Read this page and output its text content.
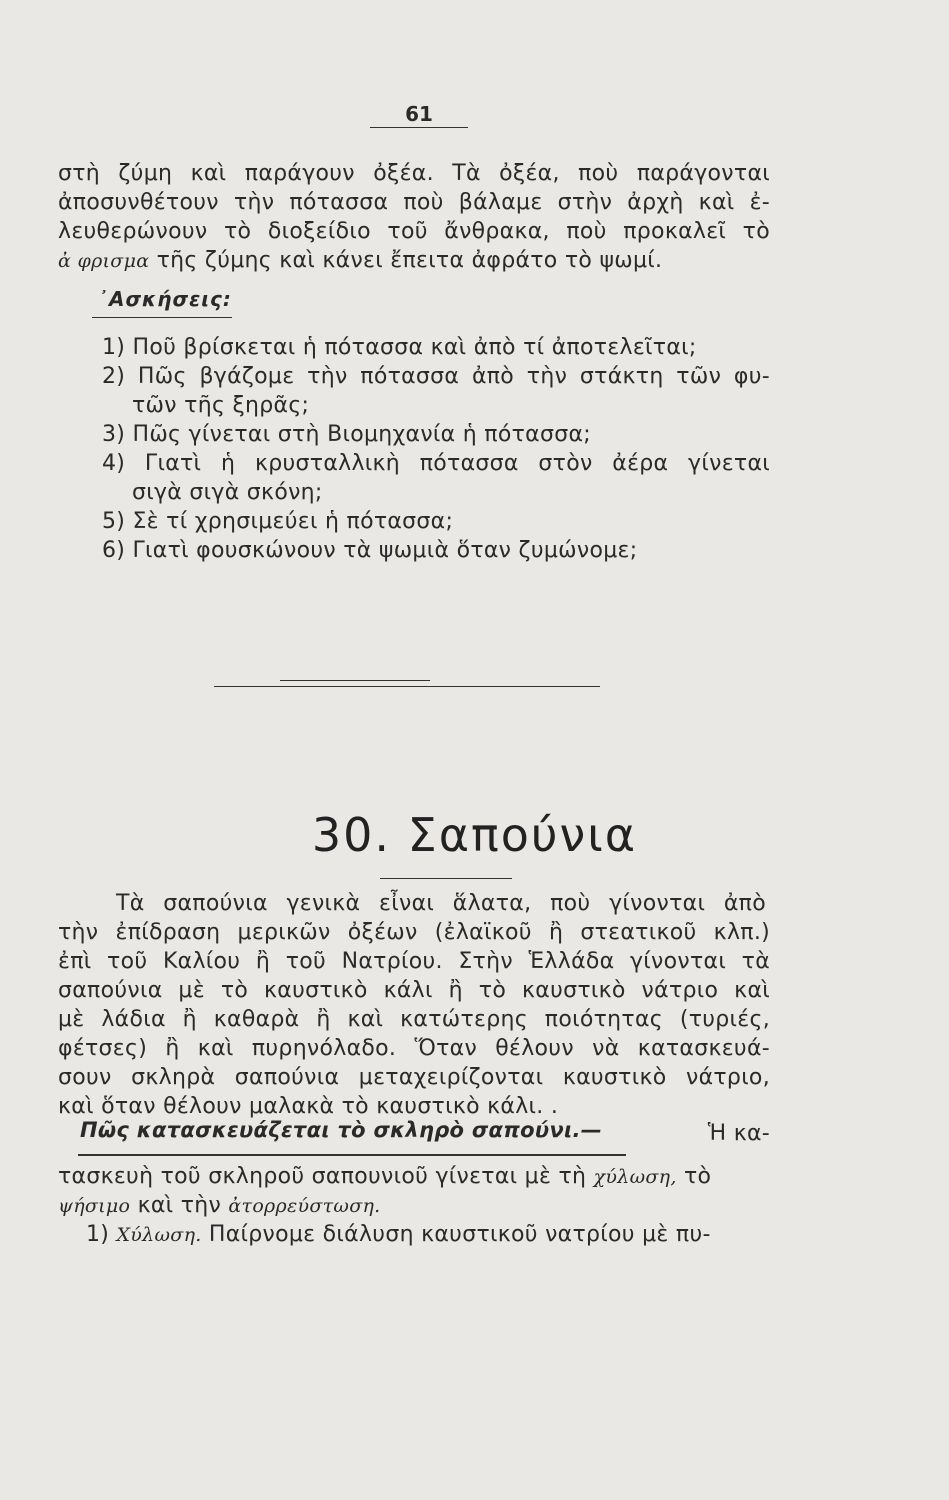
61
στὴ ζύμη καὶ παράγουν ὀξέα. Τὰ ὀξέα, ποὺ παράγονται
ἀποσυνθέτουν τὴν πότασσα ποὺ βάλαμε στὴν ἀρχὴ καὶ ἐ-
λευθερώνουν τὸ διοξείδιο τοῦ ἄνθρακα, ποὺ προκαλεῖ τὸ
ἀ φρισμα τῆς ζύμης καὶ κάνει ἔπειτα ἀφράτο τὸ ψωμί.
᾿Ασκήσεις:
1) Ποῦ βρίσκεται ἡ πότασσα καὶ ἀπὸ τί ἀποτελεῖται;
2) Πῶς βγάζομε τὴν πότασσα ἀπὸ τὴν στάκτη τῶν φυ-
τῶν τῆς ξηρᾶς;
3) Πῶς γίνεται στὴ Βιομηχανία ἡ πότασσα;
4) Γιατὶ ἡ κρυσταλλικὴ πότασσα στὸν ἀέρα γίνεται
σιγὰ σιγὰ σκόνη;
5) Σὲ τί χρησιμεύει ἡ πότασσα;
6) Γιατὶ φουσκώνουν τὰ ψωμιὰ ὅταν ζυμώνομε;
30. Σαπούνια
Τὰ σαπούνια γενικὰ εἶναι ἅλατα, ποὺ γίνονται ἀπὸ
τὴν ἐπίδραση μερικῶν ὀξέων (ἐλαϊκοῦ ἢ στεατικοῦ κλπ.)
ἐπὶ τοῦ Καλίου ἢ τοῦ Νατρίου. Στὴν Ἑλλάδα γίνονται τὰ
σαπούνια μὲ τὸ καυστικὸ κάλι ἢ τὸ καυστικὸ νάτριο καὶ
μὲ λάδια ἢ καθαρὰ ἢ καὶ κατώτερης ποιότητας (τυριές,
φέτσες) ἢ καὶ πυρηνόλαδο. Ὅταν θέλουν νὰ κατασκευά-
σουν σκληρὰ σαπούνια μεταχειρίζονται καυστικὸ νάτριο,
καὶ ὅταν θέλουν μαλακὰ τὸ καυστικὸ κάλι. .
Πῶς κατασκευάζεται τὸ σκληρὸ σαπούνι.—	Ἡ κα-
τασκευὴ τοῦ σκληροῦ σαπουνιοῦ γίνεται μὲ τὴ χύλωση, τὸ
ψήσιμο καὶ τὴν ἀτορρεύστωση.
1) Χύλωση. Παίρνομε διάλυση καυστικοῦ νατρίου μὲ πυ-
